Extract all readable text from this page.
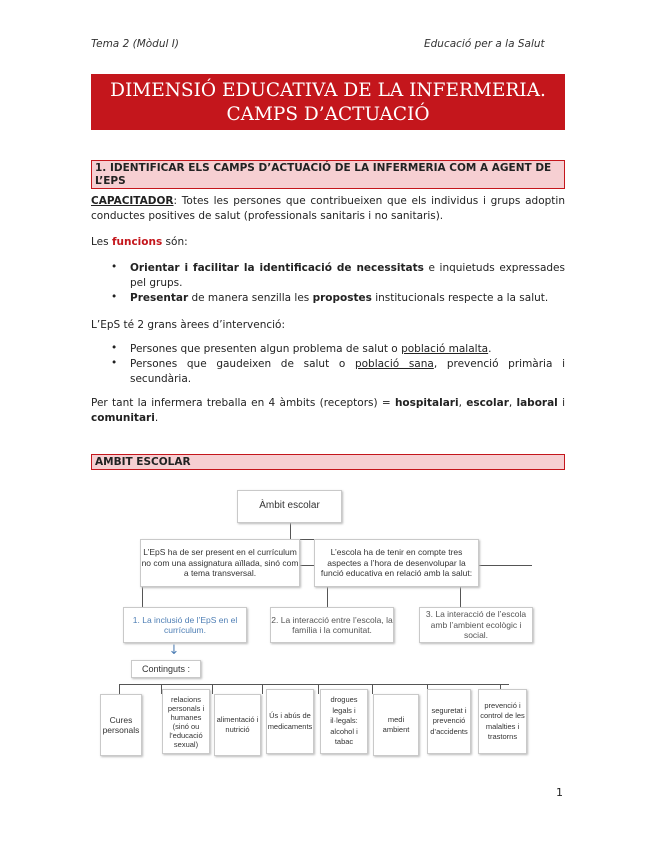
Tema 2 (Mòdul I)	Educació per a la Salut
DIMENSIÓ EDUCATIVA DE LA INFERMERIA.
CAMPS D’ACTUACIÓ
1. IDENTIFICAR ELS CAMPS D’ACTUACIÓ DE LA INFERMERIA COM A AGENT DE L’EPS
CAPACITADOR: Totes les persones que contribueixen que els individus i grups adoptin conductes positives de salut (professionals sanitaris i no sanitaris).
Les funcions són:
• Orientar i facilitar la identificació de necessitats e inquietuds expressades pel grups.
• Presentar de manera senzilla les propostes institucionals respecte a la salut.
L’EpS té 2 grans àrees d’intervenció:
• Persones que presenten algun problema de salut o població malalta.
• Persones que gaudeixen de salut o població sana, prevenció primària i secundària.
Per tant la infermera treballa en 4 àmbits (receptors) = hospitalari, escolar, laboral i comunitari.
AMBIT ESCOLAR
↓
Àmbit escolar
L’EpS ha de ser present en el currículum no com una assignatura aïllada, sinó com a tema transversal.
L’escola ha de tenir en compte tres aspectes a l’hora de desenvolupar la funció educativa en relació amb la salut:
1. La inclusió de l’EpS en el currículum.
2. La interacció entre l’escola, la família i la comunitat.
3. La interacció de l’escola amb l’ambient ecològic i social.
Continguts :
Cures personals
relacions personals i humanes (sinó ou l’educació sexual)
alimentació i nutrició
Ús i abús de medicaments
drogues legals i il·legals: alcohol i tabac
medi ambient
seguretat i prevenció d’accidents
prevenció i control de les malalties i trastorns
1
